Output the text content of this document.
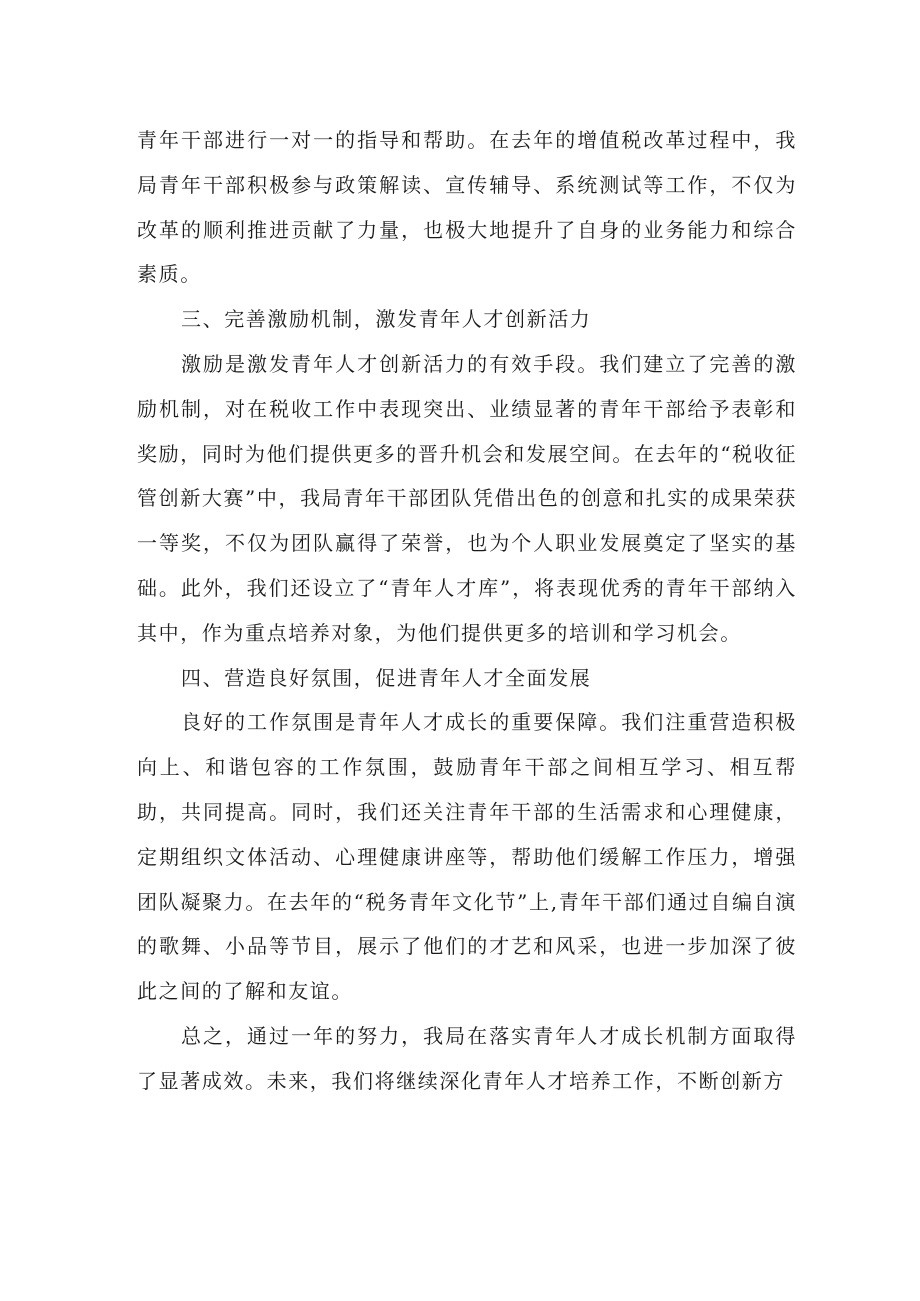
青年干部进行一对一的指导和帮助。在去年的增值税改革过程中，我局青年干部积极参与政策解读、宣传辅导、系统测试等工作，不仅为改革的顺利推进贡献了力量，也极大地提升了自身的业务能力和综合素质。

三、完善激励机制，激发青年人才创新活力

激励是激发青年人才创新活力的有效手段。我们建立了完善的激励机制，对在税收工作中表现突出、业绩显著的青年干部给予表彰和奖励，同时为他们提供更多的晋升机会和发展空间。在去年的“税收征管创新大赛”中，我局青年干部团队凭借出色的创意和扎实的成果荣获一等奖，不仅为团队赢得了荣誉，也为个人职业发展奠定了坚实的基础。此外，我们还设立了“青年人才库”，将表现优秀的青年干部纳入其中，作为重点培养对象，为他们提供更多的培训和学习机会。

四、营造良好氛围，促进青年人才全面发展

良好的工作氛围是青年人才成长的重要保障。我们注重营造积极向上、和谐包容的工作氛围，鼓励青年干部之间相互学习、相互帮助，共同提高。同时，我们还关注青年干部的生活需求和心理健康，定期组织文体活动、心理健康讲座等，帮助他们缓解工作压力，增强团队凝聚力。在去年的“税务青年文化节”上,青年干部们通过自编自演的歌舞、小品等节目，展示了他们的才艺和风采，也进一步加深了彼此之间的了解和友谊。

总之，通过一年的努力，我局在落实青年人才成长机制方面取得了显著成效。未来，我们将继续深化青年人才培养工作，不断创新方
